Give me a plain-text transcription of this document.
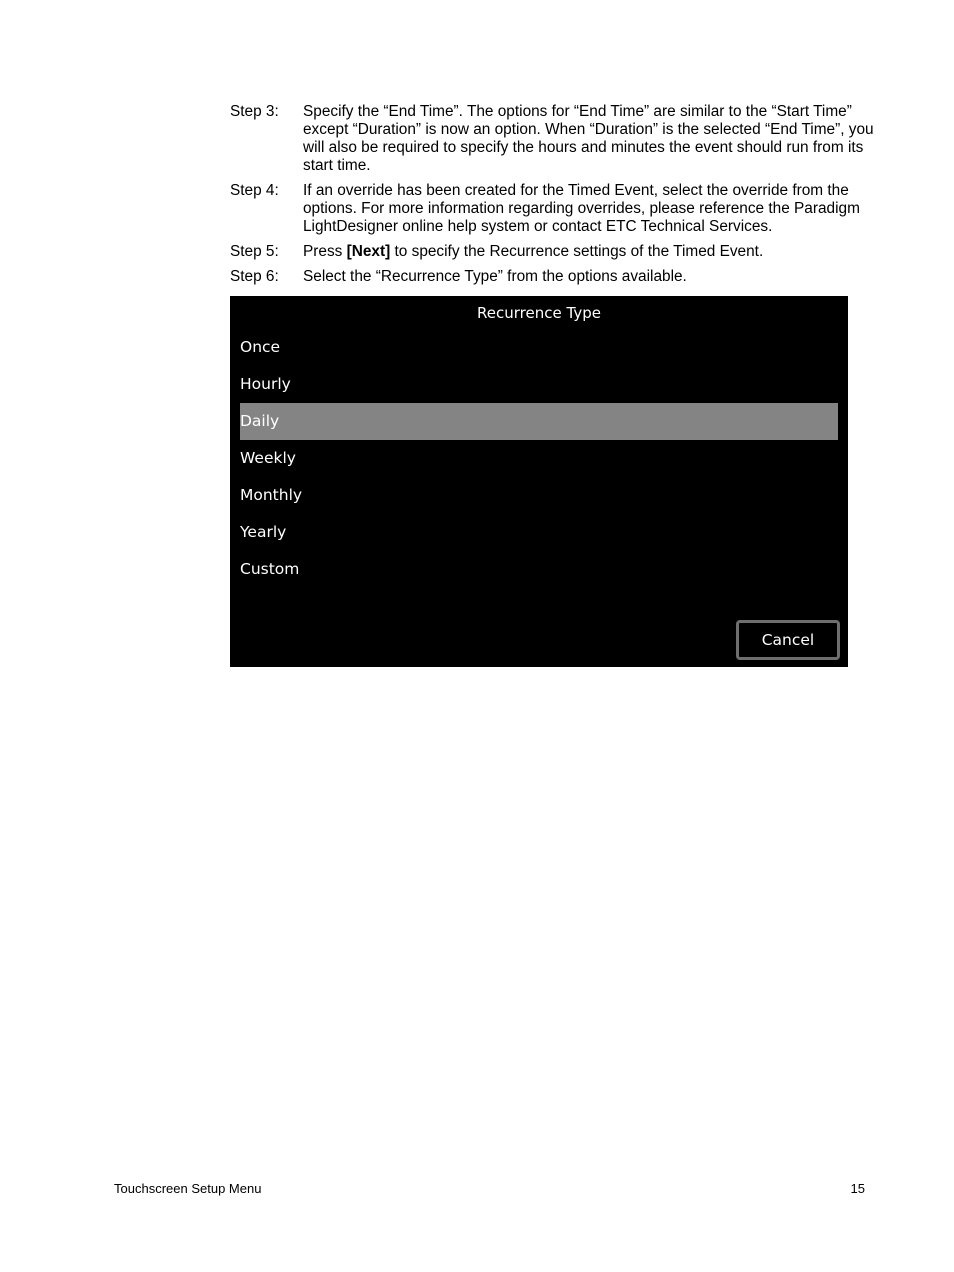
Step 3:	Specify the “End Time”. The options for “End Time” are similar to the “Start Time” except “Duration” is now an option. When “Duration” is the selected “End Time”, you will also be required to specify the hours and minutes the event should run from its start time.
Step 4:	If an override has been created for the Timed Event, select the override from the options. For more information regarding overrides, please reference the Paradigm LightDesigner online help system or contact ETC Technical Services.
Step 5:	Press [Next] to specify the Recurrence settings of the Timed Event.
Step 6:	Select the “Recurrence Type” from the options available.
Recurrence Type
Once
Hourly
Daily
Weekly
Monthly
Yearly
Custom
Cancel
Touchscreen Setup Menu	15
